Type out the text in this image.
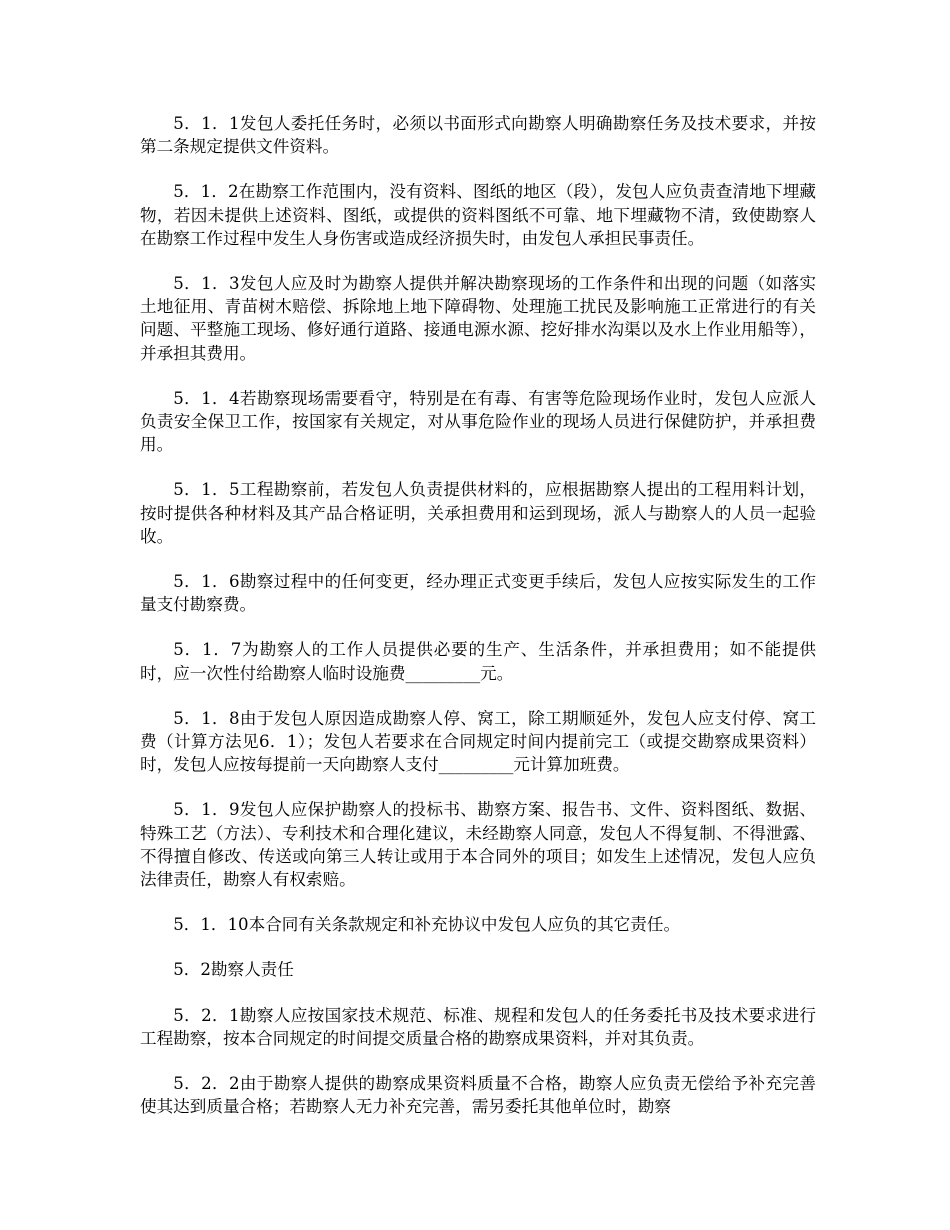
5．1．1发包人委托任务时，必须以书面形式向勘察人明确勘察任务及技术要求，并按第二条规定提供文件资料。

5．1．2在勘察工作范围内，没有资料、图纸的地区（段），发包人应负责查清地下埋藏物，若因未提供上述资料、图纸，或提供的资料图纸不可靠、地下埋藏物不清，致使勘察人在勘察工作过程中发生人身伤害或造成经济损失时，由发包人承担民事责任。

5．1．3发包人应及时为勘察人提供并解决勘察现场的工作条件和出现的问题（如落实土地征用、青苗树木赔偿、拆除地上地下障碍物、处理施工扰民及影响施工正常进行的有关问题、平整施工现场、修好通行道路、接通电源水源、挖好排水沟渠以及水上作业用船等），并承担其费用。

5．1．4若勘察现场需要看守，特别是在有毒、有害等危险现场作业时，发包人应派人负责安全保卫工作，按国家有关规定，对从事危险作业的现场人员进行保健防护，并承担费用。

5．1．5工程勘察前，若发包人负责提供材料的，应根据勘察人提出的工程用料计划，按时提供各种材料及其产品合格证明，关承担费用和运到现场，派人与勘察人的人员一起验收。

5．1．6勘察过程中的任何变更，经办理正式变更手续后，发包人应按实际发生的工作量支付勘察费。

5．1．7为勘察人的工作人员提供必要的生产、生活条件，并承担费用；如不能提供时，应一次性付给勘察人临时设施费_________元。

5．1．8由于发包人原因造成勘察人停、窝工，除工期顺延外，发包人应支付停、窝工费（计算方法见6．1）；发包人若要求在合同规定时间内提前完工（或提交勘察成果资料）时，发包人应按每提前一天向勘察人支付_________元计算加班费。

5．1．9发包人应保护勘察人的投标书、勘察方案、报告书、文件、资料图纸、数据、特殊工艺（方法）、专利技术和合理化建议，未经勘察人同意，发包人不得复制、不得泄露、不得擅自修改、传送或向第三人转让或用于本合同外的项目；如发生上述情况，发包人应负法律责任，勘察人有权索赔。

5．1．10本合同有关条款规定和补充协议中发包人应负的其它责任。

5．2勘察人责任

5．2．1勘察人应按国家技术规范、标准、规程和发包人的任务委托书及技术要求进行工程勘察，按本合同规定的时间提交质量合格的勘察成果资料，并对其负责。

5．2．2由于勘察人提供的勘察成果资料质量不合格，勘察人应负责无偿给予补充完善使其达到质量合格；若勘察人无力补充完善，需另委托其他单位时，勘察
